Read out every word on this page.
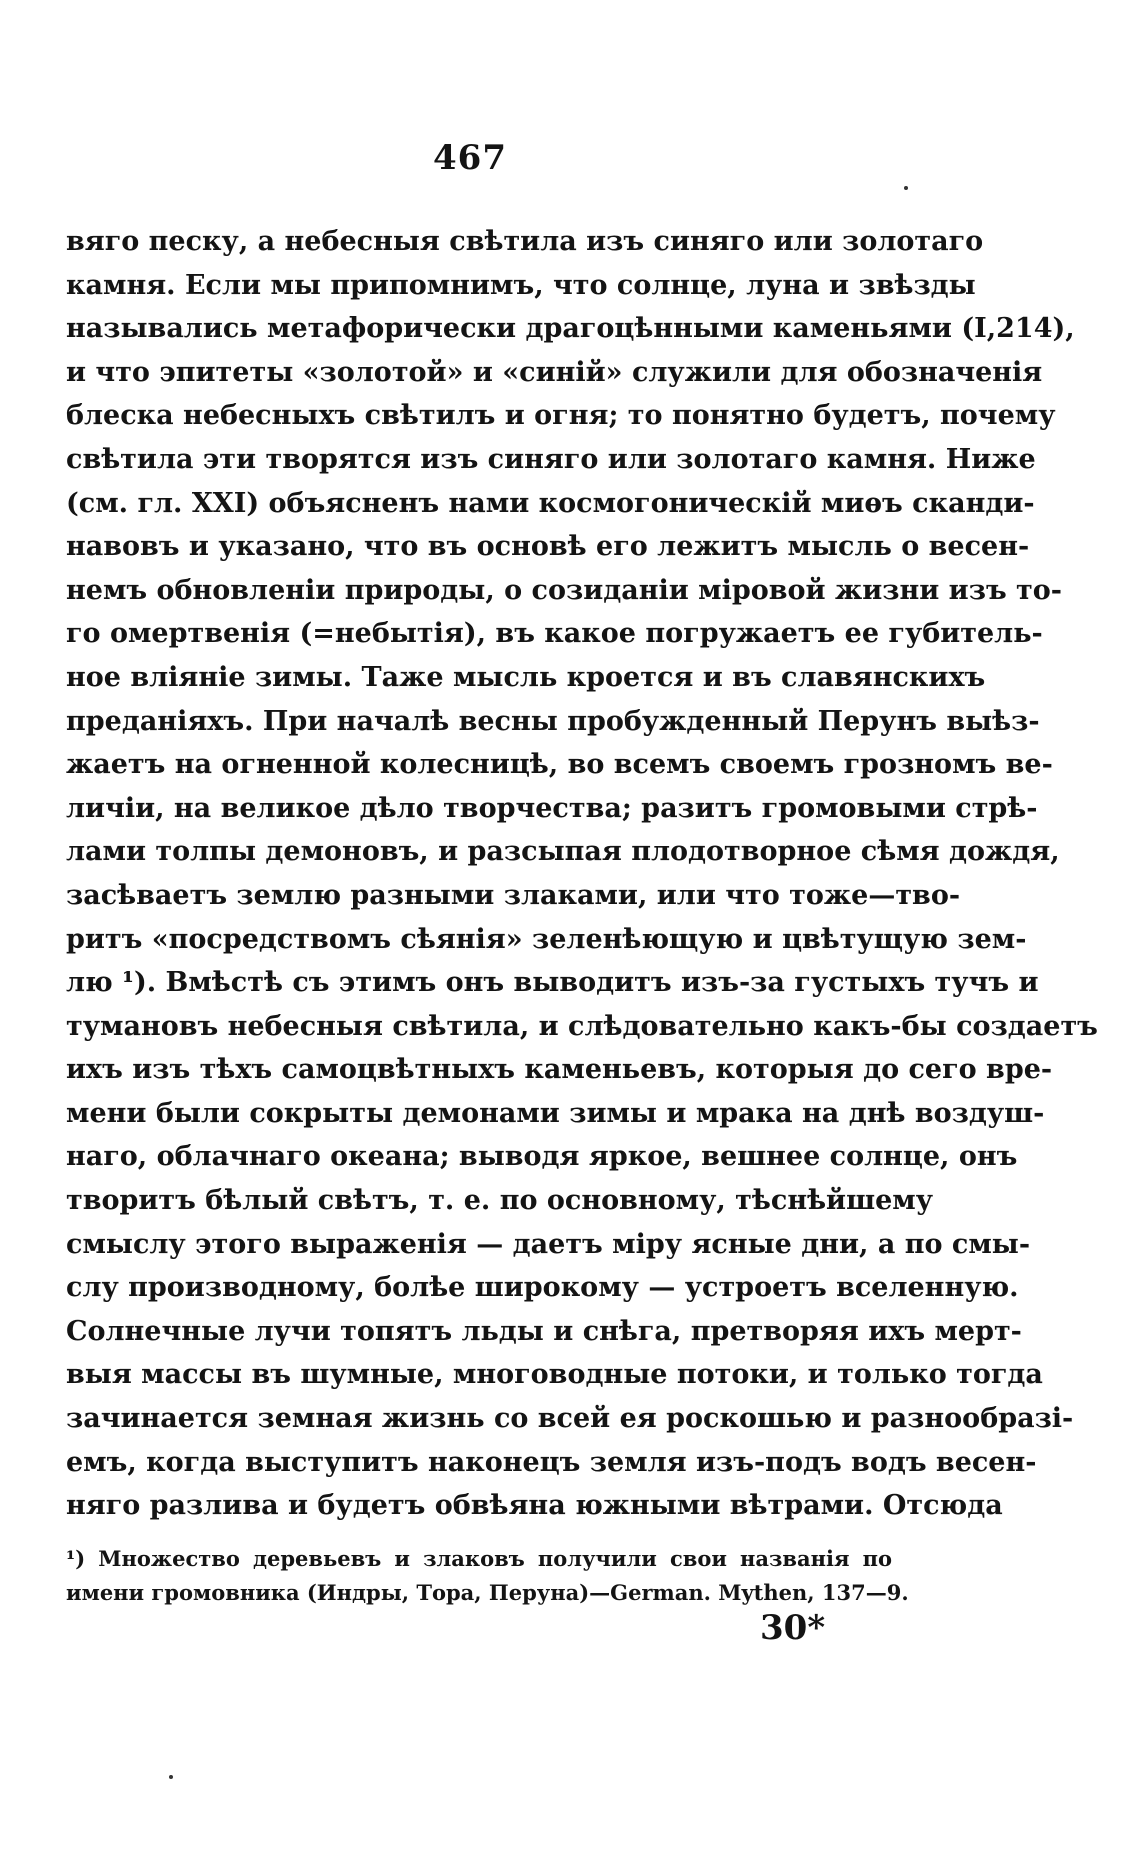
467
вяго песку, а небесныя свѣтила изъ синяго или золотаго
камня. Если мы припомнимъ, что солнце, луна и звѣзды
назывались метафорически драгоцѣнными каменьями (I,214),
и что эпитеты «золотой» и «синій» служили для обозначенія
блеска небесныхъ свѣтилъ и огня; то понятно будетъ, почему
свѣтила эти творятся изъ синяго или золотаго камня. Ниже
(см. гл. XXI) объясненъ нами космогоническій миѳъ сканди-
навовъ и указано, что въ основѣ его лежитъ мысль о весен-
немъ обновленіи природы, о созиданіи міровой жизни изъ то-
го омертвенія (=небытія), въ какое погружаетъ ее губитель-
ное вліяніе зимы. Таже мысль кроется и въ славянскихъ
преданіяхъ. При началѣ весны пробужденный Перунъ выѣз-
жаетъ на огненной колесницѣ, во всемъ своемъ грозномъ ве-
личіи, на великое дѣло творчества; разитъ громовыми стрѣ-
лами толпы демоновъ, и разсыпая плодотворное сѣмя дождя,
засѣваетъ землю разными злаками, или что тоже—тво-
ритъ «посредствомъ сѣянія» зеленѣющую и цвѣтущую зем-
лю ¹). Вмѣстѣ съ этимъ онъ выводитъ изъ-за густыхъ тучъ и
тумановъ небесныя свѣтила, и слѣдовательно какъ-бы создаетъ
ихъ изъ тѣхъ самоцвѣтныхъ каменьевъ, которыя до сего вре-
мени были сокрыты демонами зимы и мрака на днѣ воздуш-
наго, облачнаго океана; выводя яркое, вешнее солнце, онъ
творитъ бѣлый свѣтъ, т. е. по основному, тѣснѣйшему
смыслу этого выраженія — даетъ міру ясные дни, а по смы-
слу производному, болѣе широкому — устроетъ вселенную.
Солнечные лучи топятъ льды и снѣга, претворяя ихъ мерт-
выя массы въ шумные, многоводные потоки, и только тогда
зачинается земная жизнь со всей ея роскошью и разнообразі-
емъ, когда выступитъ наконецъ земля изъ-подъ водъ весен-
няго разлива и будетъ обвѣяна южными вѣтрами. Отсюда
¹) Множество деревьевъ и злаковъ получили свои названія по
имени громовника (Индры, Тора, Перуна)—German. Mythen, 137—9.
30*
